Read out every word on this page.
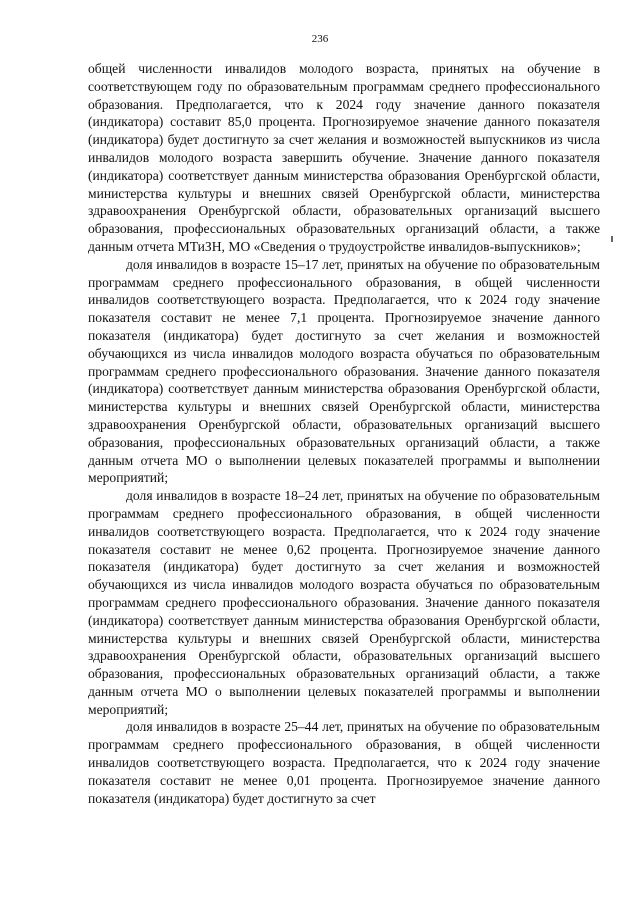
236

общей численности инвалидов молодого возраста, принятых на обучение в соответствующем году по образовательным программам среднего профессионального образования. Предполагается, что к 2024 году значение данного показателя (индикатора) составит 85,0 процента. Прогнозируемое значение данного показателя (индикатора) будет достигнуто за счет желания и возможностей выпускников из числа инвалидов молодого возраста завершить обучение. Значение данного показателя (индикатора) соответствует данным министерства образования Оренбургской области, министерства культуры и внешних связей Оренбургской области, министерства здравоохранения Оренбургской области, образовательных организаций высшего образования, профессиональных образовательных организаций области, а также данным отчета МТиЗН, МО «Сведения о трудоустройстве инвалидов-выпускников»;

доля инвалидов в возрасте 15–17 лет, принятых на обучение по образовательным программам среднего профессионального образования, в общей численности инвалидов соответствующего возраста. Предполагается, что к 2024 году значение показателя составит не менее 7,1 процента. Прогнозируемое значение данного показателя (индикатора) будет достигнуто за счет желания и возможностей обучающихся из числа инвалидов молодого возраста обучаться по образовательным программам среднего профессионального образования. Значение данного показателя (индикатора) соответствует данным министерства образования Оренбургской области, министерства культуры и внешних связей Оренбургской области, министерства здравоохранения Оренбургской области, образовательных организаций высшего образования, профессиональных образовательных организаций области, а также данным отчета МО о выполнении целевых показателей программы и выполнении мероприятий;

доля инвалидов в возрасте 18–24 лет, принятых на обучение по образовательным программам среднего профессионального образования, в общей численности инвалидов соответствующего возраста. Предполагается, что к 2024 году значение показателя составит не менее 0,62 процента. Прогнозируемое значение данного показателя (индикатора) будет достигнуто за счет желания и возможностей обучающихся из числа инвалидов молодого возраста обучаться по образовательным программам среднего профессионального образования. Значение данного показателя (индикатора) соответствует данным министерства образования Оренбургской области, министерства культуры и внешних связей Оренбургской области, министерства здравоохранения Оренбургской области, образовательных организаций высшего образования, профессиональных образовательных организаций области, а также данным отчета МО о выполнении целевых показателей программы и выполнении мероприятий;

доля инвалидов в возрасте 25–44 лет, принятых на обучение по образовательным программам среднего профессионального образования, в общей численности инвалидов соответствующего возраста. Предполагается, что к 2024 году значение показателя составит не менее 0,01 процента. Прогнозируемое значение данного показателя (индикатора) будет достигнуто за счет
